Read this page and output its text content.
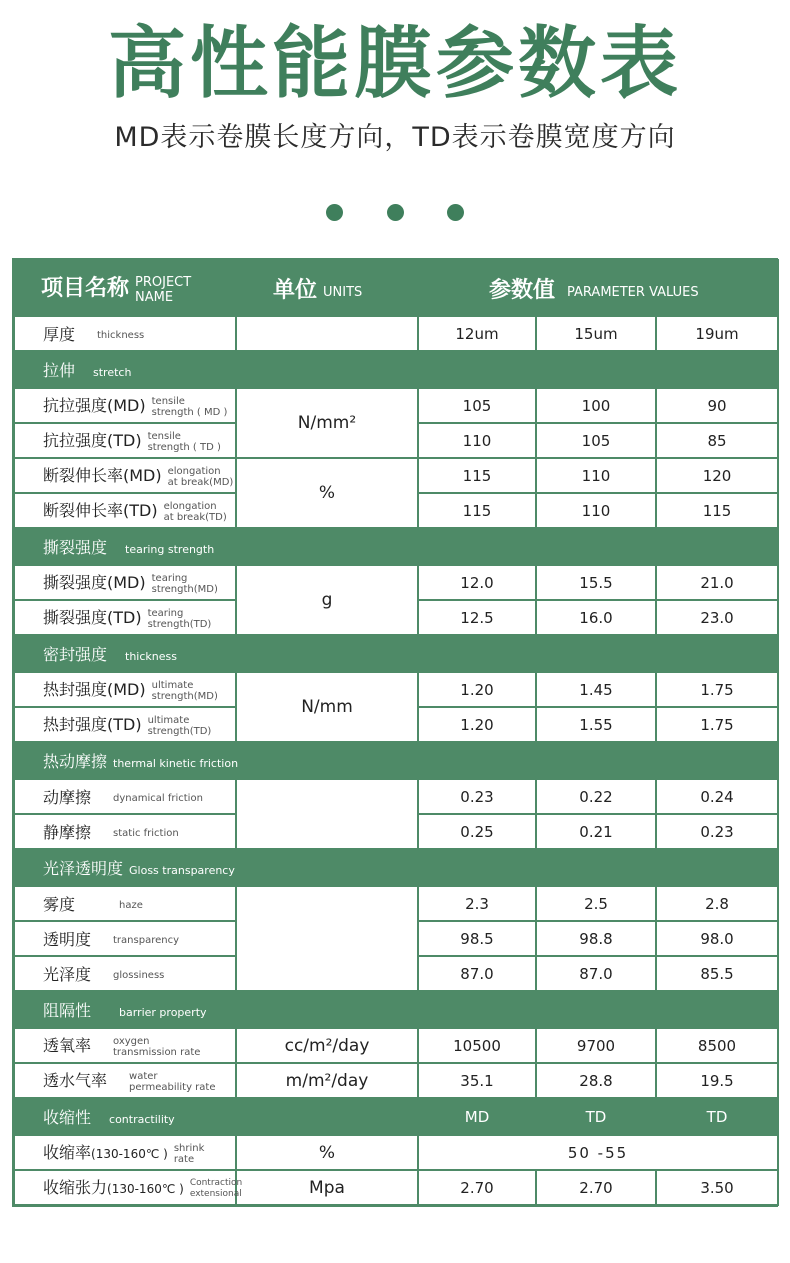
高性能膜参数表
MD表示卷膜长度方向，TD表示卷膜宽度方向

项目名称 PROJECT
NAME	单位 UNITS	参数值 PARAMETER VALUES		
厚度 thickness		12um	15um	19um
拉伸 stretch				
抗拉强度(MD) tensile
strength ( MD )	N/mm²	105	100	90
抗拉强度(TD) tensile
strength ( TD )		110	105	85
断裂伸长率(MD) elongation
at break(MD)	%	115	110	120
断裂伸长率(TD) elongation
at break(TD)		115	110	115
撕裂强度 tearing strength				
撕裂强度(MD) tearing
strength(MD)	g	12.0	15.5	21.0
撕裂强度(TD) tearing
strength(TD)		12.5	16.0	23.0
密封强度 thickness				
热封强度(MD) ultimate
strength(MD)	N/mm	1.20	1.45	1.75
热封强度(TD) ultimate
strength(TD)		1.20	1.55	1.75
热动摩擦 thermal kinetic friction				
动摩擦 dynamical friction		0.23	0.22	0.24
静摩擦 static friction		0.25	0.21	0.23
光泽透明度 Gloss transparency				
雾度 haze		2.3	2.5	2.8
透明度 transparency		98.5	98.8	98.0
光泽度 glossiness		87.0	87.0	85.5
阻隔性 barrier property				
透氧率 oxygen
transmission rate	cc/m²/day	10500	9700	8500
透水气率 water
permeability rate	m/m²/day	35.1	28.8	19.5
收缩性 contractility		MD	TD	TD
收缩率(130-160℃ ) shrink
rate	%	50 -55		
收缩张力(130-160℃ ) Contraction
extensional	Mpa	2.70	2.70	3.50
